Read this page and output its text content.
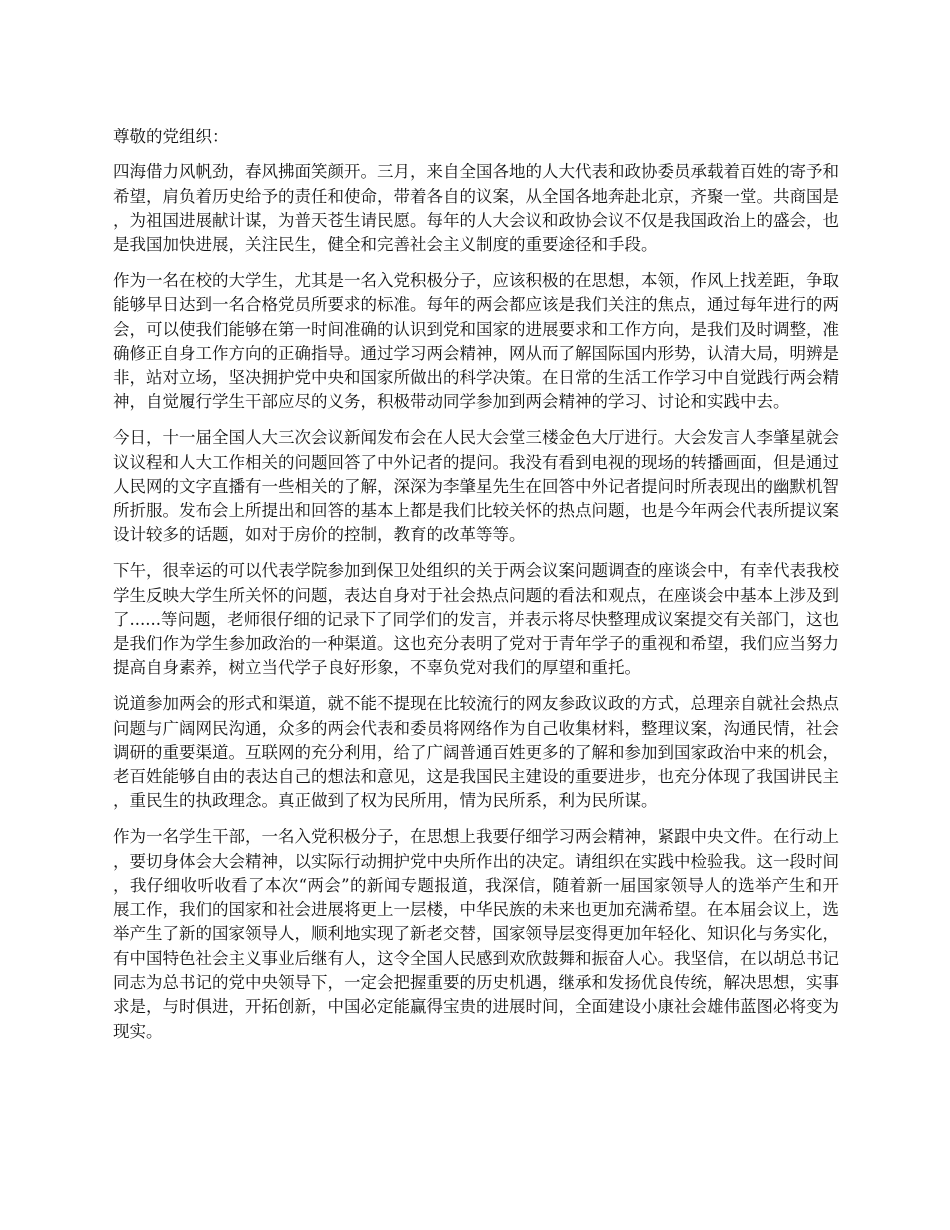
尊敬的党组织：

四海借力风帆劲，春风拂面笑颜开。三月，来自全国各地的人大代表和政协委员承载着百姓的寄予和希望，肩负着历史给予的责任和使命，带着各自的议案，从全国各地奔赴北京，齐聚一堂。共商国是，为祖国进展献计谋，为普天苍生请民愿。每年的人大会议和政协会议不仅是我国政治上的盛会，也是我国加快进展，关注民生，健全和完善社会主义制度的重要途径和手段。

作为一名在校的大学生，尤其是一名入党积极分子，应该积极的在思想，本领，作风上找差距，争取能够早日达到一名合格党员所要求的标准。每年的两会都应该是我们关注的焦点，通过每年进行的两会，可以使我们能够在第一时间准确的认识到党和国家的进展要求和工作方向，是我们及时调整，准确修正自身工作方向的正确指导。通过学习两会精神，网从而了解国际国内形势，认清大局，明辨是非，站对立场，坚决拥护党中央和国家所做出的科学决策。在日常的生活工作学习中自觉践行两会精神，自觉履行学生干部应尽的义务，积极带动同学参加到两会精神的学习、讨论和实践中去。

今日，十一届全国人大三次会议新闻发布会在人民大会堂三楼金色大厅进行。大会发言人李肇星就会议议程和人大工作相关的问题回答了中外记者的提问。我没有看到电视的现场的转播画面，但是通过人民网的文字直播有一些相关的了解，深深为李肇星先生在回答中外记者提问时所表现出的幽默机智所折服。发布会上所提出和回答的基本上都是我们比较关怀的热点问题，也是今年两会代表所提议案设计较多的话题，如对于房价的控制，教育的改革等等。

下午，很幸运的可以代表学院参加到保卫处组织的关于两会议案问题调查的座谈会中，有幸代表我校学生反映大学生所关怀的问题，表达自身对于社会热点问题的看法和观点，在座谈会中基本上涉及到了......等问题，老师很仔细的记录下了同学们的发言，并表示将尽快整理成议案提交有关部门，这也是我们作为学生参加政治的一种渠道。这也充分表明了党对于青年学子的重视和希望，我们应当努力提高自身素养，树立当代学子良好形象，不辜负党对我们的厚望和重托。

说道参加两会的形式和渠道，就不能不提现在比较流行的网友参政议政的方式，总理亲自就社会热点问题与广阔网民沟通，众多的两会代表和委员将网络作为自己收集材料，整理议案，沟通民情，社会调研的重要渠道。互联网的充分利用，给了广阔普通百姓更多的了解和参加到国家政治中来的机会，老百姓能够自由的表达自己的想法和意见，这是我国民主建设的重要进步，也充分体现了我国讲民主，重民生的执政理念。真正做到了权为民所用，情为民所系，利为民所谋。

作为一名学生干部，一名入党积极分子，在思想上我要仔细学习两会精神，紧跟中央文件。在行动上，要切身体会大会精神，以实际行动拥护党中央所作出的决定。请组织在实践中检验我。这一段时间，我仔细收听收看了本次“两会”的新闻专题报道，我深信，随着新一届国家领导人的选举产生和开展工作，我们的国家和社会进展将更上一层楼，中华民族的未来也更加充满希望。在本届会议上，选举产生了新的国家领导人，顺利地实现了新老交替，国家领导层变得更加年轻化、知识化与务实化，有中国特色社会主义事业后继有人，这令全国人民感到欢欣鼓舞和振奋人心。我坚信，在以胡总书记同志为总书记的党中央领导下，一定会把握重要的历史机遇，继承和发扬优良传统，解决思想，实事求是，与时俱进，开拓创新，中国必定能赢得宝贵的进展时间，全面建设小康社会雄伟蓝图必将变为现实。
